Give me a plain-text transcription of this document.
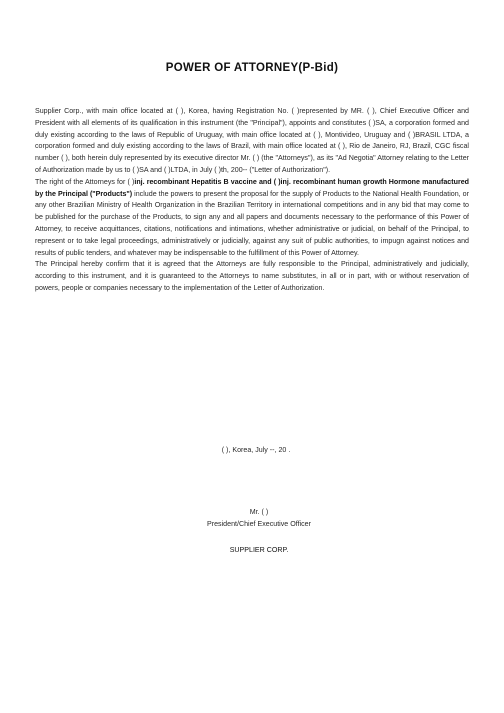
POWER OF ATTORNEY(P-Bid)

Supplier Corp., with main office located at ( ), Korea, having Registration No. ( )represented by MR. ( ), Chief Executive Officer and President with all elements of its qualification in this instrument (the "Principal"), appoints and constitutes ( )SA, a corporation formed and duly existing according to the laws of Republic of Uruguay, with main office located at ( ), Montivideo, Uruguay and ( )BRASIL LTDA, a corporation formed and duly existing according to the laws of Brazil, with main office located at ( ), Rio de Janeiro, RJ, Brazil, CGC fiscal number ( ), both herein duly represented by its executive director Mr. ( ) (the "Attorneys"), as its "Ad Negotia" Attorney relating to the Letter of Authorization made by us to ( )SA and ( )LTDA, in July ( )th, 200-- ("Letter of Authorization").

The right of the Attorneys for ( )inj. recombinant Hepatitis B vaccine and ( )inj. recombinant human growth Hormone manufactured by the Principal ("Products") include the powers to present the proposal for the supply of Products to the National Health Foundation, or any other Brazilian Ministry of Health Organization in the Brazilian Territory in international competitions and in any bid that may come to be published for the purchase of the Products, to sign any and all papers and documents necessary to the performance of this Power of Attorney, to receive acquittances, citations, notifications and intimations, whether administrative or judicial, on behalf of the Principal, to represent or to take legal proceedings, administratively or judicially, against any suit of public authorities, to impugn against notices and results of public tenders, and whatever may be indispensable to the fulfillment of this Power of Attorney.

The Principal hereby confirm that it is agreed that the Attorneys are fully responsible to the Principal, administratively and judicially, according to this instrument, and it is guaranteed to the Attorneys to name substitutes, in all or in part, with or without reservation of powers, people or companies necessary to the implementation of the Letter of Authorization.

( ), Korea, July --, 20 .
Mr. ( )
President/Chief Executive Officer
SUPPLIER CORP.
